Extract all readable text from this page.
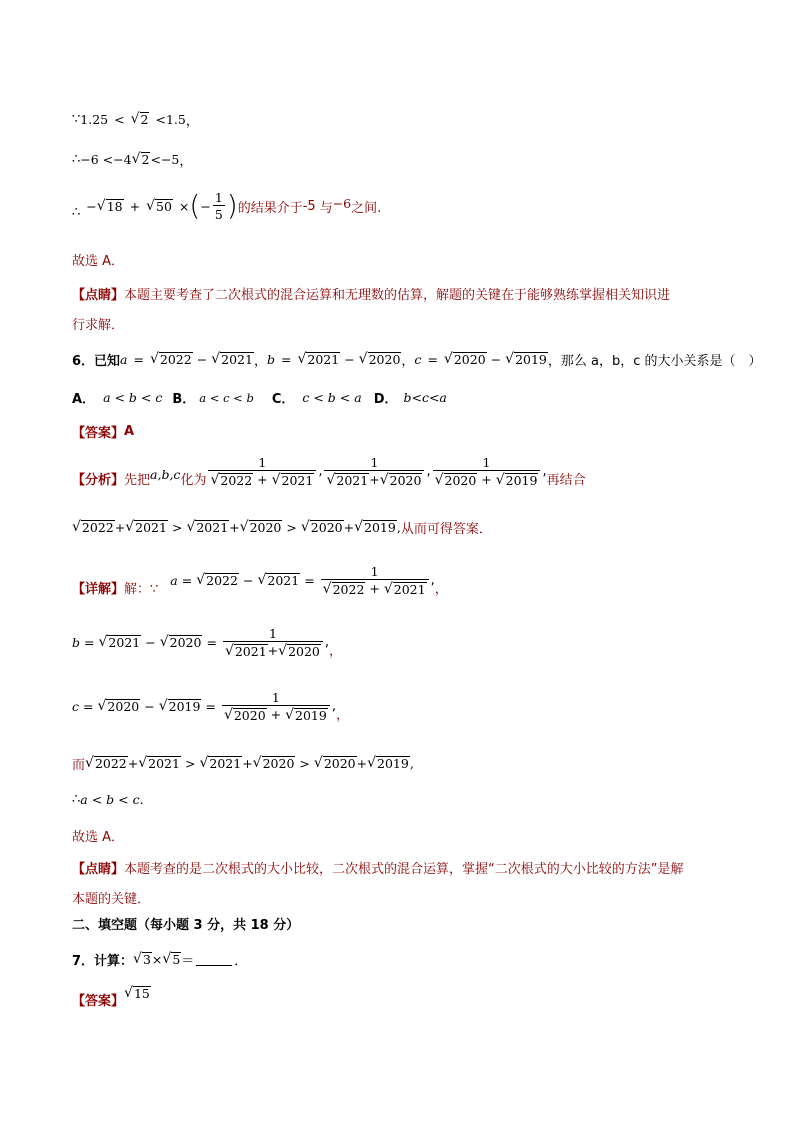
∵ 1.25 < √ 2 < 1.5 ，
∴ −6 <−4 √ 2 <−5 ，
∴ − √ 18 + √ 50 × ( − $\frac{1}{5}$ ) 的结果介于 -5 与 −6 之间.
故选 A．
【点睛】 本题主要考查了二次根式的混合运算和无理数的估算，解题的关键在于能够熟练掌握相关知识进
行求解．
6．已知 a = √ 2022 − √ 2021 ， b = √ 2021 − √ 2020 ， c = √ 2020 − √ 2019 ，那么 a，b，c 的大小关系是（　）
A． a < b < c B． a < c < b C． c < b < a D． b<c<a
【答案】 A
【分析】 先把 a,b,c 化为 $\frac{1}{√ 2022 + √ 2021}$ , $\frac{1}{√ 2021 + √ 2020}$ , $\frac{1}{√ 2020 + √ 2019}$ ,
再结合
√ 2022 + √ 2021 > √ 2021 + √ 2020 > √ 2020 + √ 2019 , 从而可得答案．
【详解】 解：∵
a = √ 2022 − √ $2021 = \frac{1}{√ 2022 + √ 2021}$ ,
，
b = √ 2021 − √ $2020 = \frac{1}{√ 2021 + √ 2020}$ ,
，
c = √ 2020 − √ $2019 = \frac{1}{√ 2020 + √ 2019}$ ,
，
而 √ 2022 + √ 2021 > √ 2021 + √ 2020 > √ 2020 + √ 2019 ,
∴ a < b < c.
故选 A．
【点睛】 本题考查的是二次根式的大小比较，二次根式的混合运算，掌握“二次根式的大小比较的方法”是解
本题的关键．
二、填空题（每小题 3 分，共 18 分）
7．计算： √ 3 × √ 5 ＝	．
【答案】
√ 15
